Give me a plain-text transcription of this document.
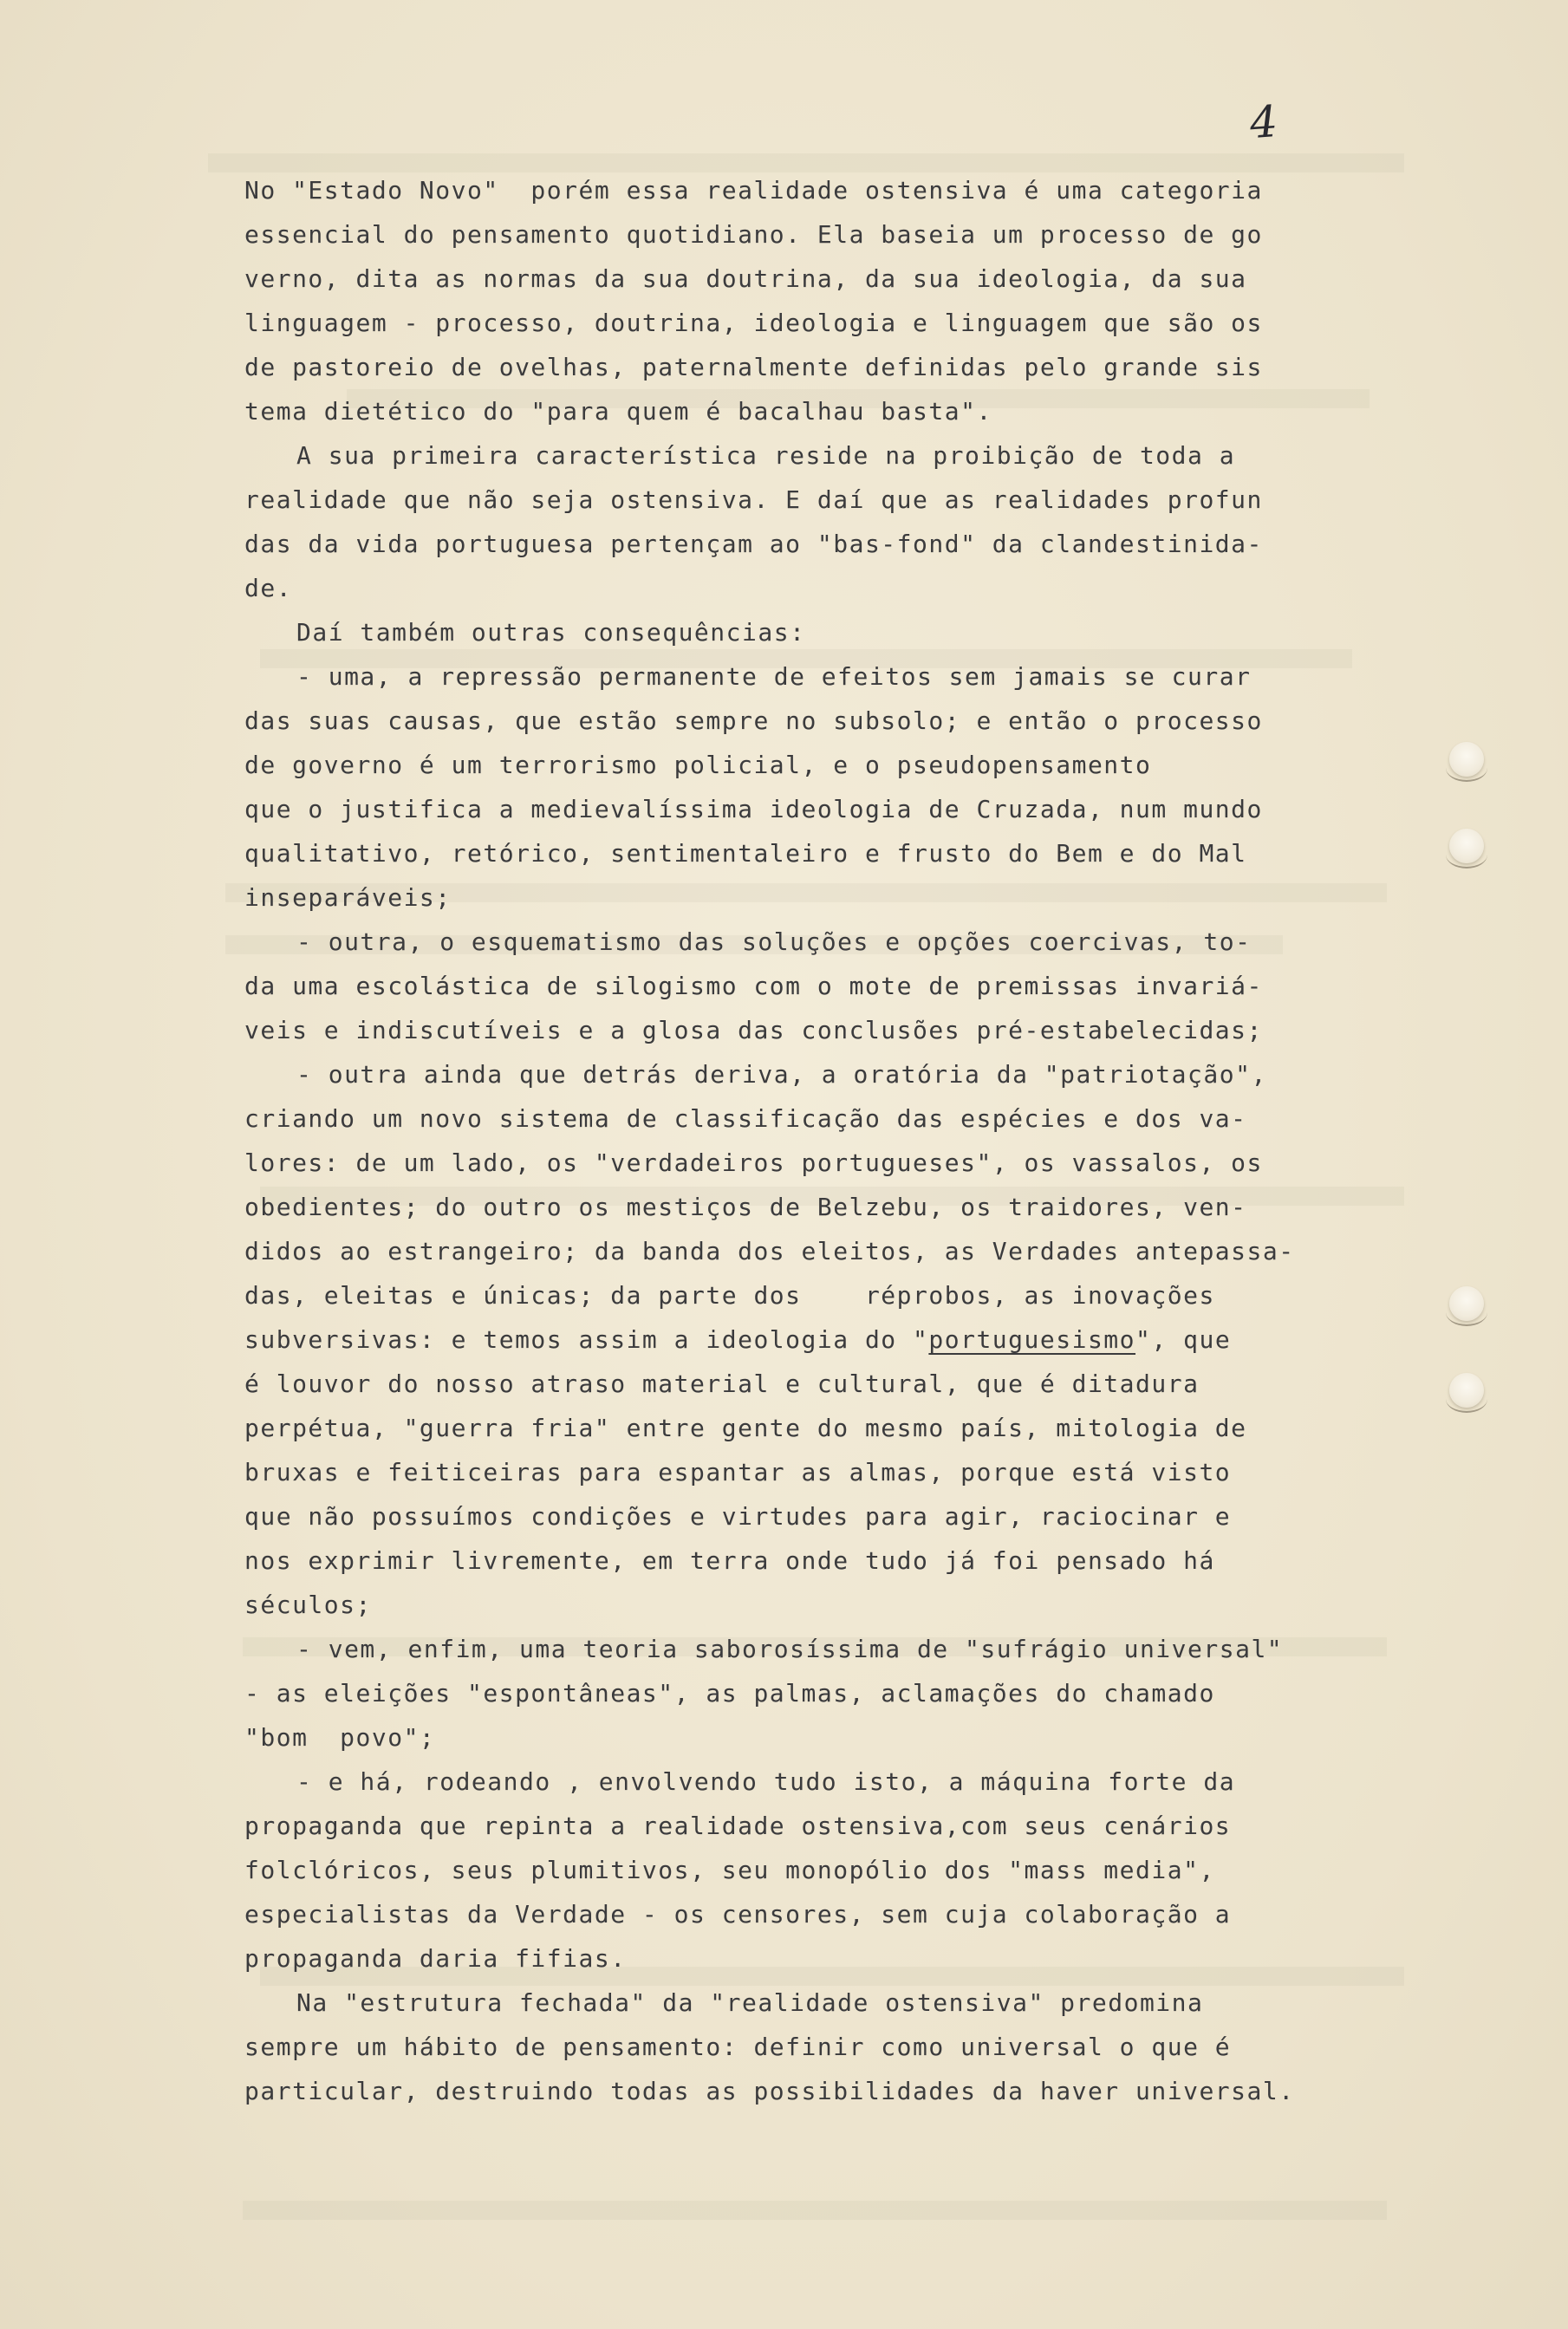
4
No "Estado Novo"  porém essa realidade ostensiva é uma categoria
essencial do pensamento quotidiano. Ela baseia um processo de go
verno, dita as normas da sua doutrina, da sua ideologia, da sua
linguagem - processo, doutrina, ideologia e linguagem que são os
de pastoreio de ovelhas, paternalmente definidas pelo grande sis
tema dietético do "para quem é bacalhau basta".
A sua primeira característica reside na proibição de toda a
realidade que não seja ostensiva. E daí que as realidades profun
das da vida portuguesa pertençam ao "bas-fond" da clandestinida-
de.
Daí também outras consequências:
- uma, a repressão permanente de efeitos sem jamais se curar
das suas causas, que estão sempre no subsolo; e então o processo
de governo é um terrorismo policial, e o pseudopensamento
que o justifica a medievalíssima ideologia de Cruzada, num mundo
qualitativo, retórico, sentimentaleiro e frusto do Bem e do Mal
inseparáveis;
- outra, o esquematismo das soluções e opções coercivas, to-
da uma escolástica de silogismo com o mote de premissas invariá-
veis e indiscutíveis e a glosa das conclusões pré-estabelecidas;
- outra ainda que detrás deriva, a oratória da "patriotação",
criando um novo sistema de classificação das espécies e dos va-
lores: de um lado, os "verdadeiros portugueses", os vassalos, os
obedientes; do outro os mestiços de Belzebu, os traidores, ven-
didos ao estrangeiro; da banda dos eleitos, as Verdades antepassa-
das, eleitas e únicas; da parte dos    réprobos, as inovações
subversivas: e temos assim a ideologia do "portuguesismo", que
é louvor do nosso atraso material e cultural, que é ditadura
perpétua, "guerra fria" entre gente do mesmo país, mitologia de
bruxas e feiticeiras para espantar as almas, porque está visto
que não possuímos condições e virtudes para agir, raciocinar e
nos exprimir livremente, em terra onde tudo já foi pensado há
séculos;
- vem, enfim, uma teoria saborosíssima de "sufrágio universal"
- as eleições "espontâneas", as palmas, aclamações do chamado
"bom  povo";
- e há, rodeando , envolvendo tudo isto, a máquina forte da
propaganda que repinta a realidade ostensiva,com seus cenários
folclóricos, seus plumitivos, seu monopólio dos "mass media",
especialistas da Verdade - os censores, sem cuja colaboração a
propaganda daria fifias.
Na "estrutura fechada" da "realidade ostensiva" predomina
sempre um hábito de pensamento: definir como universal o que é
particular, destruindo todas as possibilidades da haver universal.
